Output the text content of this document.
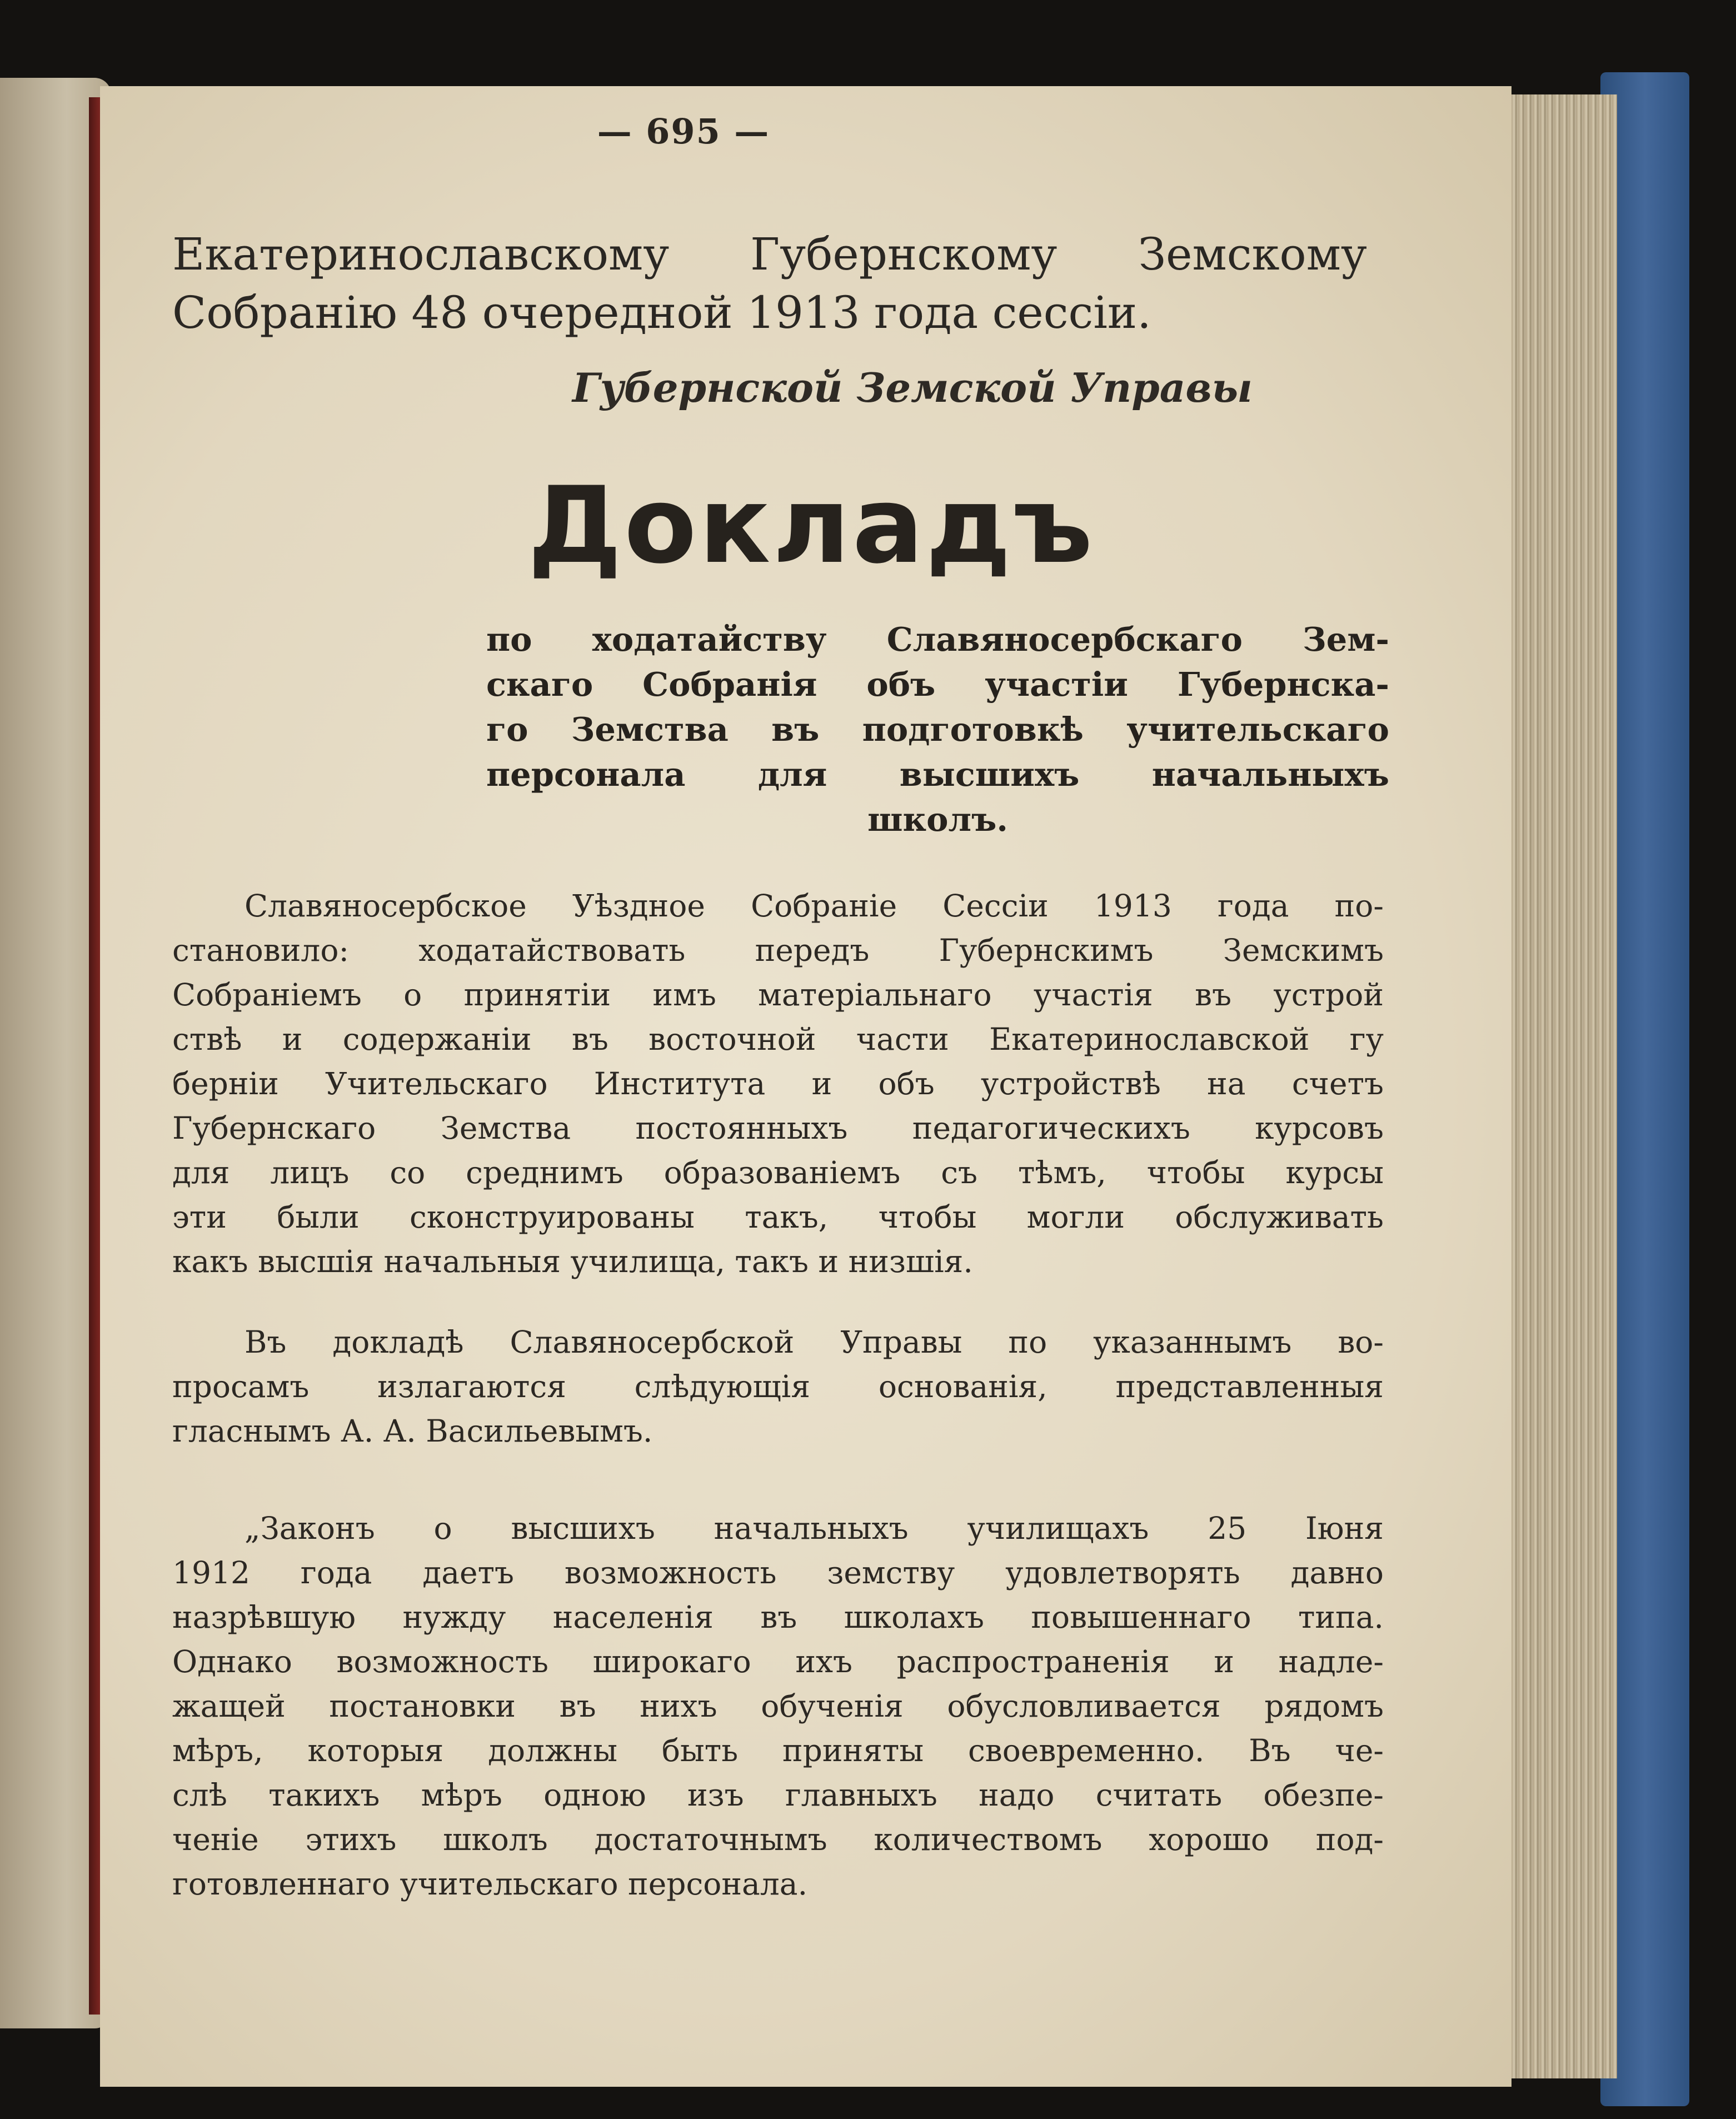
— 695 —
Екатеринославскому Губернскому Земскому
Собранію 48 очередной 1913 года сессіи.
Губернской Земской Управы
Докладъ
по ходатайству Славяносербскаго Зем-
скаго Собранія объ участіи Губернска-
го Земства въ подготовкѣ учительскаго
персонала для высшихъ начальныхъ
школъ.
Славяносербское Уѣздное Собраніе Сессіи 1913 года по-
становило: ходатайствовать передъ Губернскимъ Земскимъ
Собраніемъ о принятіи имъ матеріальнаго участія въ устрой
ствѣ и содержаніи въ восточной части Екатеринославской гу
берніи Учительскаго Института и объ устройствѣ на счетъ
Губернскаго Земства постоянныхъ педагогическихъ курсовъ
для лицъ со среднимъ образованіемъ съ тѣмъ, чтобы курсы
эти были сконструированы такъ, чтобы могли обслуживать
какъ высшія начальныя училища, такъ и низшія.
Въ докладѣ Славяносербской Управы по указаннымъ во-
просамъ излагаются слѣдующія основанія, представленныя
гласнымъ А. А. Васильевымъ.
„Законъ о высшихъ начальныхъ училищахъ 25 Іюня
1912 года даетъ возможность земству удовлетворять давно
назрѣвшую нужду населенія въ школахъ повышеннаго типа.
Однако возможность широкаго ихъ распространенія и надле-
жащей постановки въ нихъ обученія обусловливается рядомъ
мѣръ, которыя должны быть приняты своевременно. Въ че-
слѣ такихъ мѣръ одною изъ главныхъ надо считать обезпе-
ченіе этихъ школъ достаточнымъ количествомъ хорошо под-
готовленнаго учительскаго персонала.
